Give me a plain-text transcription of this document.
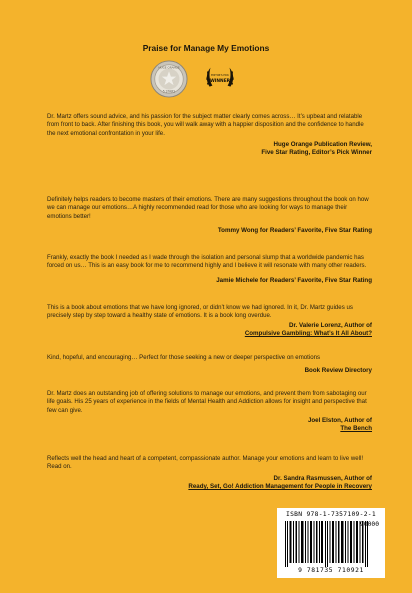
Praise for Manage My Emotions
HUGE ORANGE
5 STARS
EDITOR'S PICK
WINNER

Dr. Martz offers sound advice, and his passion for the subject matter clearly comes across… It’s upbeat and relatable from front to back. After finishing this book, you will walk away with a happier disposition and the confidence to handle the next emotional confrontation in your life.

Huge Orange Publication Review,
Five Star Rating, Editor’s Pick Winner

Definitely helps readers to become masters of their emotions. There are many suggestions throughout the book on how we can manage our emotions…A highly recommended read for those who are looking for ways to manage their emotions better!

Tommy Wong for Readers’ Favorite, Five Star Rating

Frankly, exactly the book I needed as I wade through the isolation and personal slump that a worldwide pandemic has forced on us… This is an easy book for me to recommend highly and I believe it will resonate with many other readers.

Jamie Michele for Readers’ Favorite, Five Star Rating

This is a book about emotions that we have long ignored, or didn’t know we had ignored. In it, Dr. Martz guides us precisely step by step toward a healthy state of emotions. It is a book long overdue.

Dr. Valerie Lorenz, Author of
Compulsive Gambling: What’s It All About?

Kind, hopeful, and encouraging… Perfect for those seeking a new or deeper perspective on emotions

Book Review Directory

Dr. Martz does an outstanding job of offering solutions to manage our emotions, and prevent them from sabotaging our life goals. His 25 years of experience in the fields of Mental Health and Addiction allows for insight and perspective that few can give.

Joel Elston, Author of
The Bench

Reflects well the head and heart of a competent, compassionate author. Manage your emotions and learn to live well! Read on.

Dr. Sandra Rasmussen, Author of
Ready, Set, Go! Addiction Management for People in Recovery
ISBN 978-1-7357109-2-1
90000
9 781735 710921
